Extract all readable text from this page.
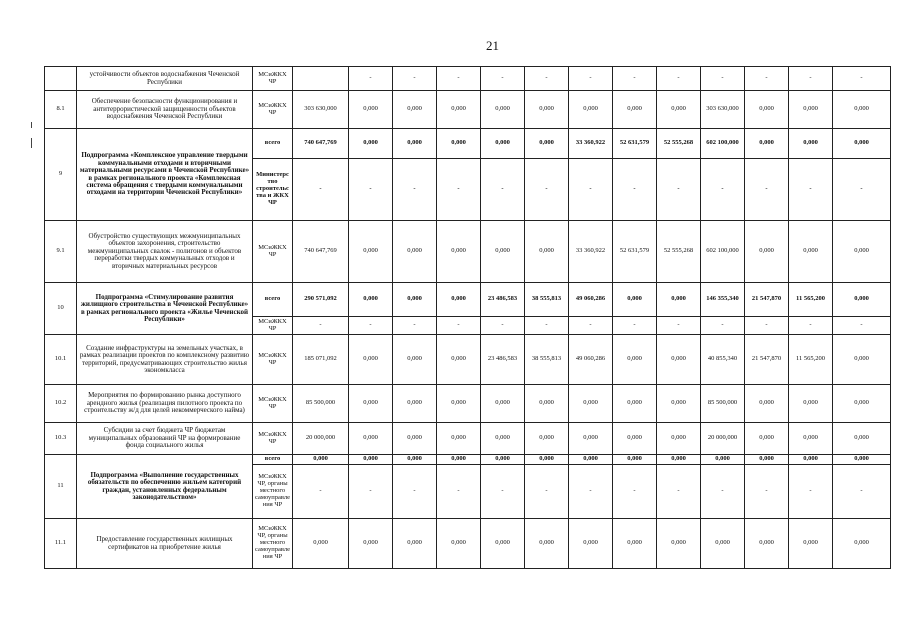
21
	устойчивости объектов водоснабжения Чеченской Республики	МСиЖКХ ЧР		-	-	-	-	-	-	-	-	-	-	-	-	
8.1	Обеспечение безопасности функционирования и антитеррористической защищенности объектов водоснабжения Чеченской Республики	МСиЖКХ ЧР	303 630,000	0,000	0,000	0,000	0,000	0,000	0,000	0,000	0,000	303 630,000	0,000	0,000	0,000	
9	Подпрограмма «Комплексное управление твердыми коммунальными отходами и вторичными материальными ресурсами в Чеченской Республике» в рамках регионального проекта «Комплексная система обращения с твердыми коммунальными отходами на территории Чеченской Республики»	всего	740 647,769	0,000	0,000	0,000	0,000	0,000	33 360,922	52 631,579	52 555,268	602 100,000	0,000	0,000	0,000	
		Министерство строительства и ЖКХ ЧР	-	-	-	-	-	-	-	-	-	-	-	-	-	
9.1	Обустройство существующих межмуниципальных объектов захоронения, строительство межмуниципальных свалок - полигонов и объектов переработки твердых коммунальных отходов и вторичных материальных ресурсов	МСиЖКХ ЧР	740 647,769	0,000	0,000	0,000	0,000	0,000	33 360,922	52 631,579	52 555,268	602 100,000	0,000	0,000	0,000	
10	Подпрограмма «Стимулирование развития жилищного строительства в Чеченской Республике» в рамках регионального проекта «Жилье Чеченской Республики»	всего	290 571,092	0,000	0,000	0,000	23 486,583	38 555,813	49 060,286	0,000	0,000	146 355,340	21 547,870	11 565,200	0,000	
		МСиЖКХ ЧР	-	-	-	-	-	-	-	-	-	-	-	-	-	
10.1	Создание инфраструктуры на земельных участках, в рамках реализации проектов по комплексному развитию территорий, предусматривающих строительство жилья экономкласса	МСиЖКХ ЧР	185 071,092	0,000	0,000	0,000	23 486,583	38 555,813	49 060,286	0,000	0,000	40 855,340	21 547,870	11 565,200	0,000	
10.2	Мероприятия по формированию рынка доступного арендного жилья (реализация пилотного проекта по строительству ж/д для целей некоммерческого найма)	МСиЖКХ ЧР	85 500,000	0,000	0,000	0,000	0,000	0,000	0,000	0,000	0,000	85 500,000	0,000	0,000	0,000	
10.3	Субсидии за счет бюджета ЧР бюджетам муниципальных образований ЧР на формирование фонда социального жилья	МСиЖКХ ЧР	20 000,000	0,000	0,000	0,000	0,000	0,000	0,000	0,000	0,000	20 000,000	0,000	0,000	0,000	
11	Подпрограмма «Выполнение государственных обязательств по обеспечению жильем категорий граждан, установленных федеральным законодательством»	всего	0,000	0,000	0,000	0,000	0,000	0,000	0,000	0,000	0,000	0,000	0,000	0,000	0,000	
		МСиЖКХ ЧР, органы местного самоуправления ЧР	-	-	-	-	-	-	-	-	-	-	-	-	-	
11.1	Предоставление государственных жилищных сертификатов на приобретение жилья	МСиЖКХ ЧР, органы местного самоуправления ЧР	0,000	0,000	0,000	0,000	0,000	0,000	0,000	0,000	0,000	0,000	0,000	0,000	0,000	
